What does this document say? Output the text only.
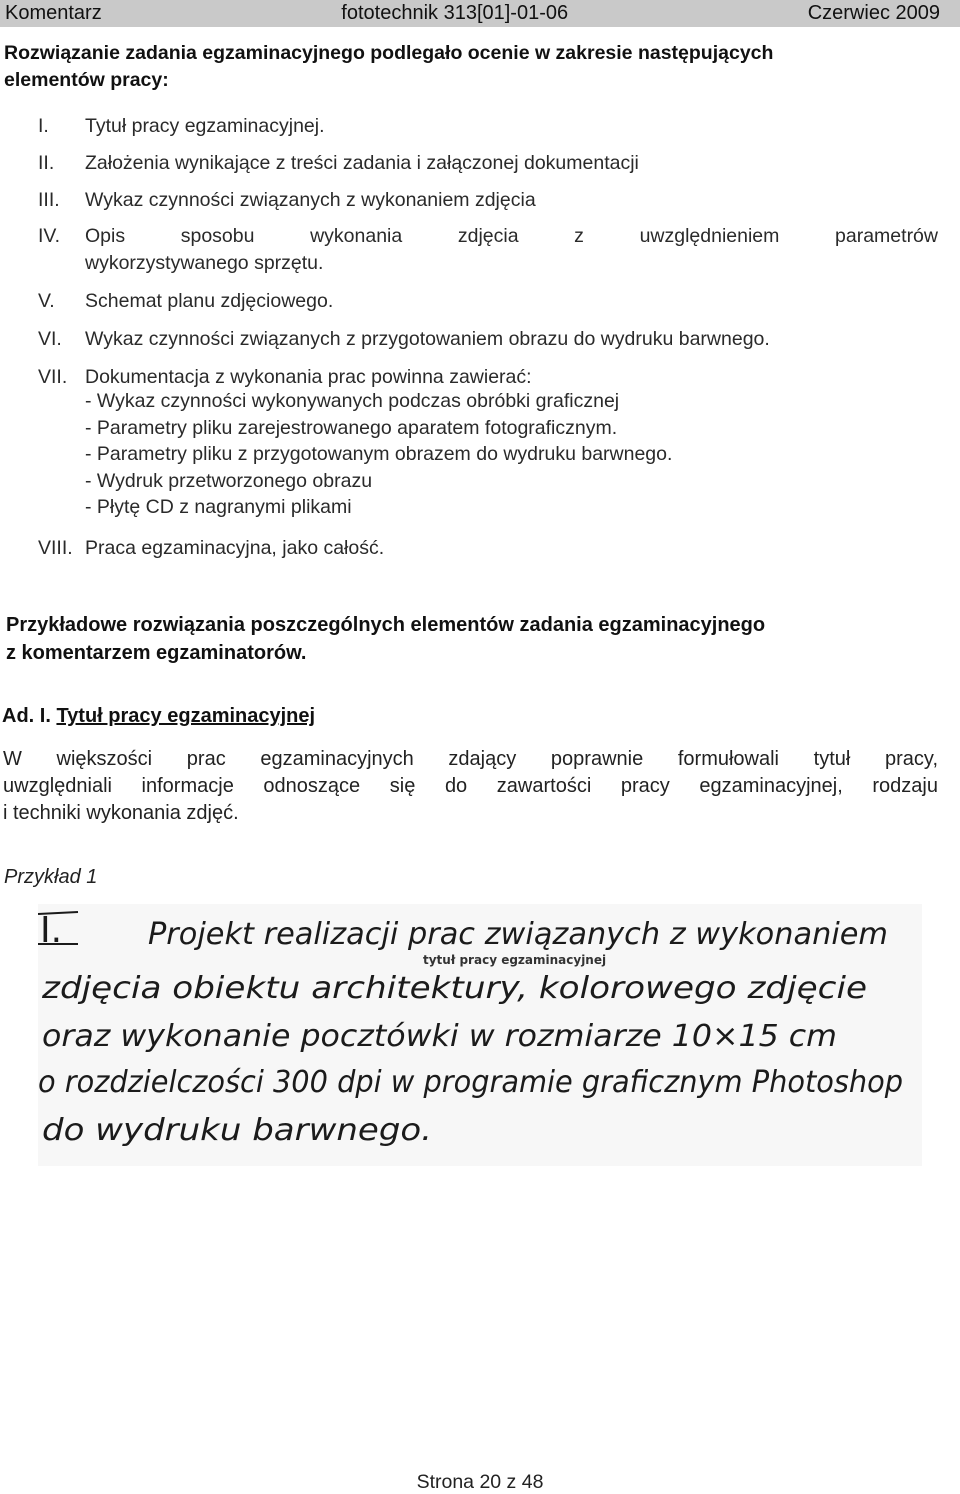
Komentarz	fototechnik 313[01]-01-06	Czerwiec 2009
Rozwiązanie zadania egzaminacyjnego podlegało ocenie w zakresie następujących
elementów pracy:
I. Tytuł pracy egzaminacyjnej.
II. Założenia wynikające z treści zadania i załączonej dokumentacji
III. Wykaz czynności związanych z wykonaniem zdjęcia
IV. Opis sposobu wykonania zdjęcia z uwzględnieniem parametrów
wykorzystywanego sprzętu.
V. Schemat planu zdjęciowego.
VI. Wykaz czynności związanych z przygotowaniem obrazu do wydruku barwnego.
VII. Dokumentacja z wykonania prac powinna zawierać:
- Wykaz czynności wykonywanych podczas obróbki graficznej
- Parametry pliku zarejestrowanego aparatem fotograficznym.
- Parametry pliku z przygotowanym obrazem do wydruku barwnego.
- Wydruk przetworzonego obrazu
- Płytę CD z nagranymi plikami
VIII. Praca egzaminacyjna, jako całość.
Przykładowe rozwiązania poszczególnych elementów zadania egzaminacyjnego
z komentarzem egzaminatorów.
Ad. I. Tytuł pracy egzaminacyjnej
W większości prac egzaminacyjnych zdający poprawnie formułowali tytuł pracy,
uwzględniali informacje odnoszące się do zawartości pracy egzaminacyjnej, rodzaju
i techniki wykonania zdjęć.
Przykład 1
I.	Projekt realizacji prac związanych z wykonaniem
tytuł pracy egzaminacyjnej
zdjęcia obiektu architektury, kolorowego zdjęcie
oraz wykonanie pocztówki w rozmiarze 10×15 cm
o rozdzielczości 300 dpi w programie graficznym Photoshop
do wydruku barwnego.
Strona 20 z 48
